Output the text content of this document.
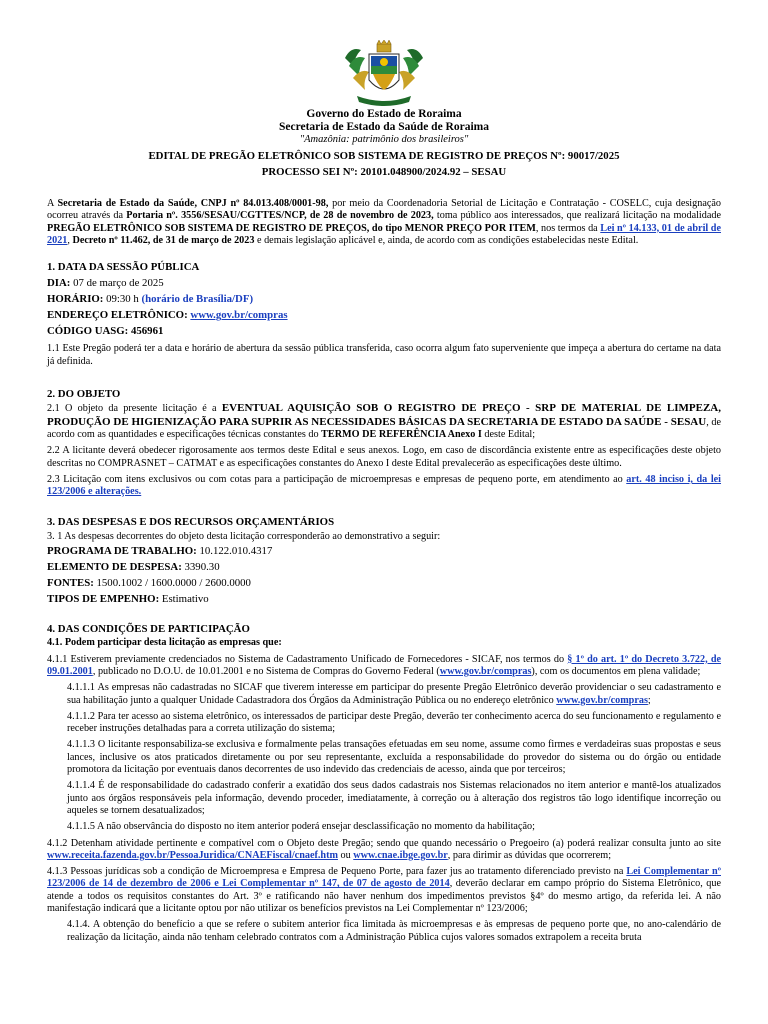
Governo do Estado de Roraima
Secretaria de Estado da Saúde de Roraima
"Amazônia: patrimônio dos brasileiros"
EDITAL DE PREGÃO ELETRÔNICO SOB SISTEMA DE REGISTRO DE PREÇOS Nº: 90017/2025
PROCESSO SEI Nº: 20101.048900/2024.92 – SESAU

A Secretaria de Estado da Saúde, CNPJ nº 84.013.408/0001-98, por meio da Coordenadoria Setorial de Licitação e Contratação - COSELC, cuja designação ocorreu através da Portaria nº. 3556/SESAU/CGTTES/NCP, de 28 de novembro de 2023, toma público aos interessados, que realizará licitação na modalidade PREGÃO ELETRÔNICO SOB SISTEMA DE REGISTRO DE PREÇOS, do tipo MENOR PREÇO POR ITEM, nos termos da Lei nº 14.133, 01 de abril de 2021, Decreto nº 11.462, de 31 de março de 2023 e demais legislação aplicável e, ainda, de acordo com as condições estabelecidas neste Edital.

1. DATA DA SESSÃO PÚBLICA

DIA: 07 de março de 2025

HORÁRIO: 09:30 h (horário de Brasília/DF)

ENDEREÇO ELETRÔNICO: www.gov.br/compras

CÓDIGO UASG: 456961

1.1 Este Pregão poderá ter a data e horário de abertura da sessão pública transferida, caso ocorra algum fato superveniente que impeça a abertura do certame na data já definida.

2. DO OBJETO

2.1 O objeto da presente licitação é a EVENTUAL AQUISIÇÃO SOB O REGISTRO DE PREÇO - SRP DE MATERIAL DE LIMPEZA, PRODUÇÃO DE HIGIENIZAÇÃO PARA SUPRIR AS NECESSIDADES BÁSICAS DA SECRETARIA DE ESTADO DA SAÚDE - SESAU, de acordo com as quantidades e especificações técnicas constantes do TERMO DE REFERÊNCIA Anexo I deste Edital;

2.2 A licitante deverá obedecer rigorosamente aos termos deste Edital e seus anexos. Logo, em caso de discordância existente entre as especificações deste objeto descritas no COMPRASNET – CATMAT e as especificações constantes do Anexo I deste Edital prevalecerão as especificações deste último.

2.3 Licitação com itens exclusivos ou com cotas para a participação de microempresas e empresas de pequeno porte, em atendimento ao art. 48 inciso i, da lei 123/2006 e alterações.

3. DAS DESPESAS E DOS RECURSOS ORÇAMENTÁRIOS

3. 1 As despesas decorrentes do objeto desta licitação corresponderão ao demonstrativo a seguir:

PROGRAMA DE TRABALHO: 10.122.010.4317

ELEMENTO DE DESPESA: 3390.30

FONTES: 1500.1002 / 1600.0000 / 2600.0000

TIPOS DE EMPENHO: Estimativo

4. DAS CONDIÇÕES DE PARTICIPAÇÃO

4.1. Podem participar desta licitação as empresas que:

4.1.1 Estiverem previamente credenciados no Sistema de Cadastramento Unificado de Fornecedores - SICAF, nos termos do § 1º do art. 1º do Decreto 3.722, de 09.01.2001, publicado no D.O.U. de 10.01.2001 e no Sistema de Compras do Governo Federal (www.gov.br/compras), com os documentos em plena validade;

4.1.1.1 As empresas não cadastradas no SICAF que tiverem interesse em participar do presente Pregão Eletrônico deverão providenciar o seu cadastramento e sua habilitação junto a qualquer Unidade Cadastradora dos Órgãos da Administração Pública ou no endereço eletrônico www.gov.br/compras;

4.1.1.2 Para ter acesso ao sistema eletrônico, os interessados de participar deste Pregão, deverão ter conhecimento acerca do seu funcionamento e regulamento e receber instruções detalhadas para a correta utilização do sistema;

4.1.1.3 O licitante responsabiliza-se exclusiva e formalmente pelas transações efetuadas em seu nome, assume como firmes e verdadeiras suas propostas e seus lances, inclusive os atos praticados diretamente ou por seu representante, excluída a responsabilidade do provedor do sistema ou do órgão ou entidade promotora da licitação por eventuais danos decorrentes de uso indevido das credenciais de acesso, ainda que por terceiros;

4.1.1.4 É de responsabilidade do cadastrado conferir a exatidão dos seus dados cadastrais nos Sistemas relacionados no item anterior e mantê-los atualizados junto aos órgãos responsáveis pela informação, devendo proceder, imediatamente, à correção ou à alteração dos registros tão logo identifique incorreção ou aqueles se tornem desatualizados;

4.1.1.5 A não observância do disposto no item anterior poderá ensejar desclassificação no momento da habilitação;

4.1.2 Detenham atividade pertinente e compatível com o Objeto deste Pregão; sendo que quando necessário o Pregoeiro (a) poderá realizar consulta junto ao site www.receita.fazenda.gov.br/PessoaJuridica/CNAEFiscal/cnaef.htm ou www.cnae.ibge.gov.br, para dirimir as dúvidas que ocorrerem;

4.1.3 Pessoas jurídicas sob a condição de Microempresa e Empresa de Pequeno Porte, para fazer jus ao tratamento diferenciado previsto na Lei Complementar nº 123/2006 de 14 de dezembro de 2006 e Lei Complementar nº 147, de 07 de agosto de 2014, deverão declarar em campo próprio do Sistema Eletrônico, que atende a todos os requisitos constantes do Art. 3º e ratificando não haver nenhum dos impedimentos previstos §4º do mesmo artigo, da referida lei. A não manifestação indicará que a licitante optou por não utilizar os benefícios previstos na Lei Complementar nº 123/2006;

4.1.4. A obtenção do benefício a que se refere o subitem anterior fica limitada às microempresas e às empresas de pequeno porte que, no ano-calendário de realização da licitação, ainda não tenham celebrado contratos com a Administração Pública cujos valores somados extrapolem a receita bruta
